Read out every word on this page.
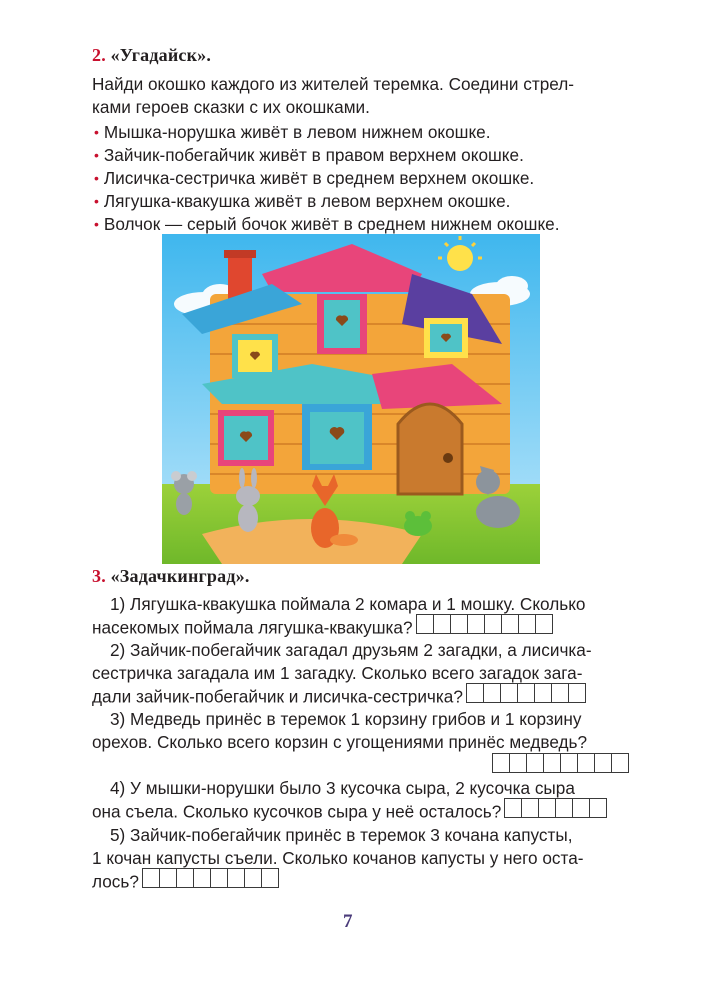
2. «Угадайск».
Найди окошко каждого из жителей теремка. Соедини стрел-
ками героев сказки с их окошками.
• Мышка-норушка живёт в левом нижнем окошке.
• Зайчик-побегайчик живёт в правом верхнем окошке.
• Лисичка-сестричка живёт в среднем верхнем окошке.
• Лягушка-квакушка живёт в левом верхнем окошке.
• Волчок — серый бочок живёт в среднем нижнем окошке.
3. «Задачкинград».
1) Лягушка-квакушка поймала 2 комара и 1 мошку. Сколько
насекомых поймала лягушка-квакушка?
2) Зайчик-побегайчик загадал друзьям 2 загадки, а лисичка-
сестричка загадала им 1 загадку. Сколько всего загадок зага-
дали зайчик-побегайчик и лисичка-сестричка?
3) Медведь принёс в теремок 1 корзину грибов и 1 корзину
орехов. Сколько всего корзин с угощениями принёс медведь?
4) У мышки-норушки было 3 кусочка сыра, 2 кусочка сыра
она съела. Сколько кусочков сыра у неё осталось?
5) Зайчик-побегайчик принёс в теремок 3 кочана капусты,
1 кочан капусты съели. Сколько кочанов капусты у него оста-
лось?
7
